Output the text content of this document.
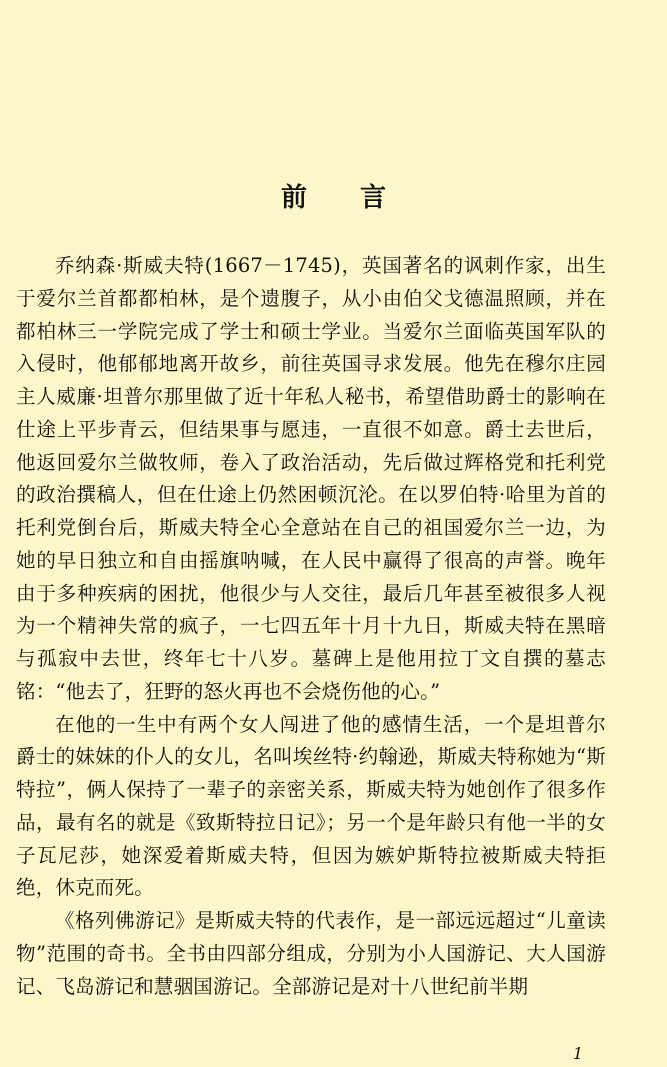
前 言

乔纳森·斯威夫特(1667－1745)，英国著名的讽刺作家，出生于爱尔兰首都都柏林，是个遗腹子，从小由伯父戈德温照顾，并在都柏林三一学院完成了学士和硕士学业。当爱尔兰面临英国军队的入侵时，他郁郁地离开故乡，前往英国寻求发展。他先在穆尔庄园主人威廉·坦普尔那里做了近十年私人秘书，希望借助爵士的影响在仕途上平步青云，但结果事与愿违，一直很不如意。爵士去世后，他返回爱尔兰做牧师，卷入了政治活动，先后做过辉格党和托利党的政治撰稿人，但在仕途上仍然困顿沉沦。在以罗伯特·哈里为首的托利党倒台后，斯威夫特全心全意站在自己的祖国爱尔兰一边，为她的早日独立和自由摇旗呐喊，在人民中赢得了很高的声誉。晚年由于多种疾病的困扰，他很少与人交往，最后几年甚至被很多人视为一个精神失常的疯子，一七四五年十月十九日，斯威夫特在黑暗与孤寂中去世，终年七十八岁。墓碑上是他用拉丁文自撰的墓志铭：“他去了，狂野的怒火再也不会烧伤他的心。”

在他的一生中有两个女人闯进了他的感情生活，一个是坦普尔爵士的妹妹的仆人的女儿，名叫埃丝特·约翰逊，斯威夫特称她为“斯特拉”，俩人保持了一辈子的亲密关系，斯威夫特为她创作了很多作品，最有名的就是《致斯特拉日记》；另一个是年龄只有他一半的女子瓦尼莎，她深爱着斯威夫特，但因为嫉妒斯特拉被斯威夫特拒绝，休克而死。

《格列佛游记》是斯威夫特的代表作，是一部远远超过“儿童读物”范围的奇书。全书由四部分组成，分别为小人国游记、大人国游记、飞岛游记和慧骃国游记。全部游记是对十八世纪前半期

1
